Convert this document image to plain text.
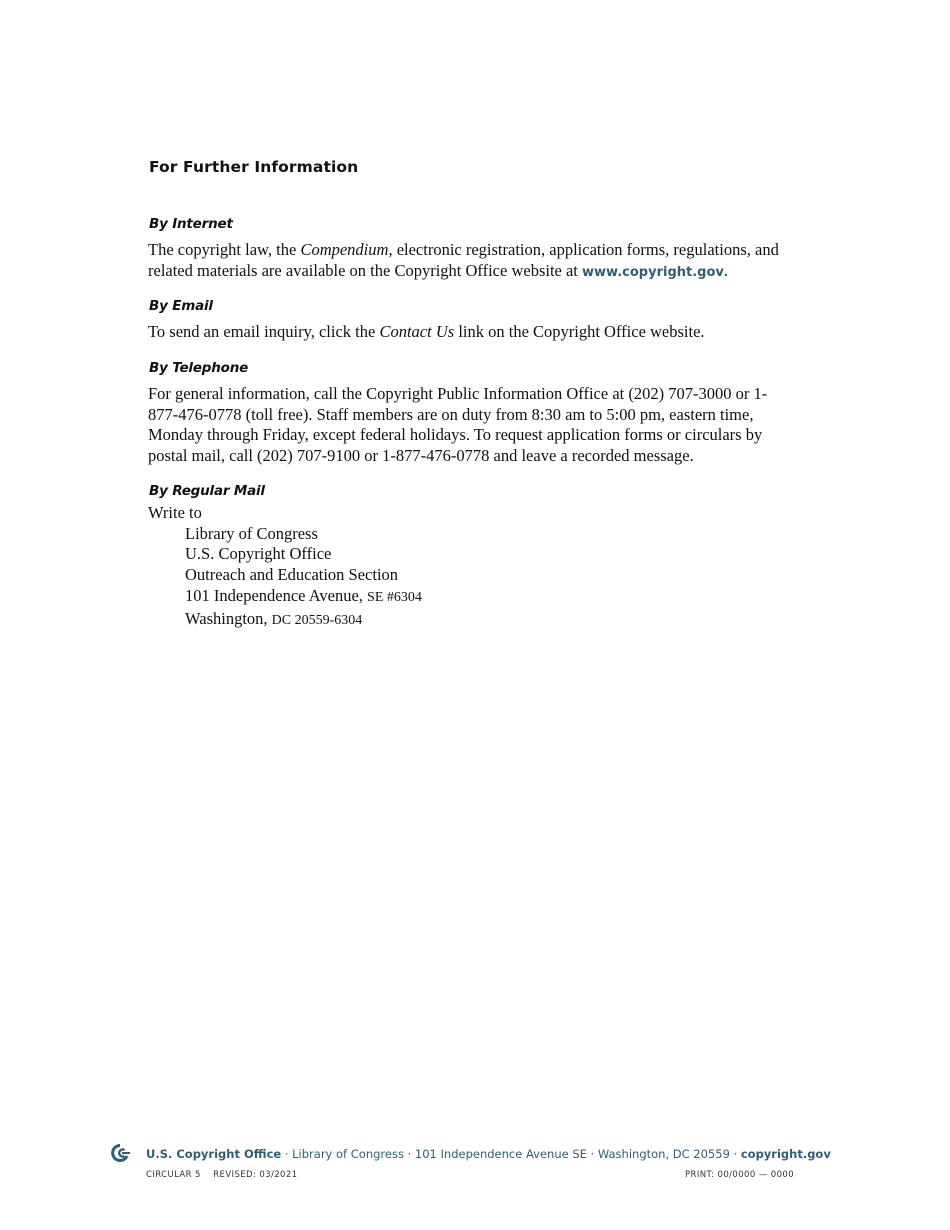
For Further Information
By Internet

The copyright law, the Compendium, electronic registration, application forms, regulations, and related materials are available on the Copyright Office website at www.copyright.gov.

By Email

To send an email inquiry, click the Contact Us link on the Copyright Office website.

By Telephone

For general information, call the Copyright Public Information Office at (202) 707-3000 or 1-877-476-0778 (toll free). Staff members are on duty from 8:30 am to 5:00 pm, eastern time, Monday through Friday, except federal holidays. To request application forms or circulars by postal mail, call (202) 707-9100 or 1-877-476-0778 and leave a recorded message.

By Regular Mail
Write to
Library of Congress
U.S. Copyright Office
Outreach and Education Section
101 Independence Avenue, SE #6304
Washington, DC 20559-6304
U.S. Copyright Office · Library of Congress · 101 Independence Avenue SE · Washington, DC 20559 · copyright.gov
CIRCULAR 5    REVISED: 03/2021	PRINT: 00/0000 — 0000
